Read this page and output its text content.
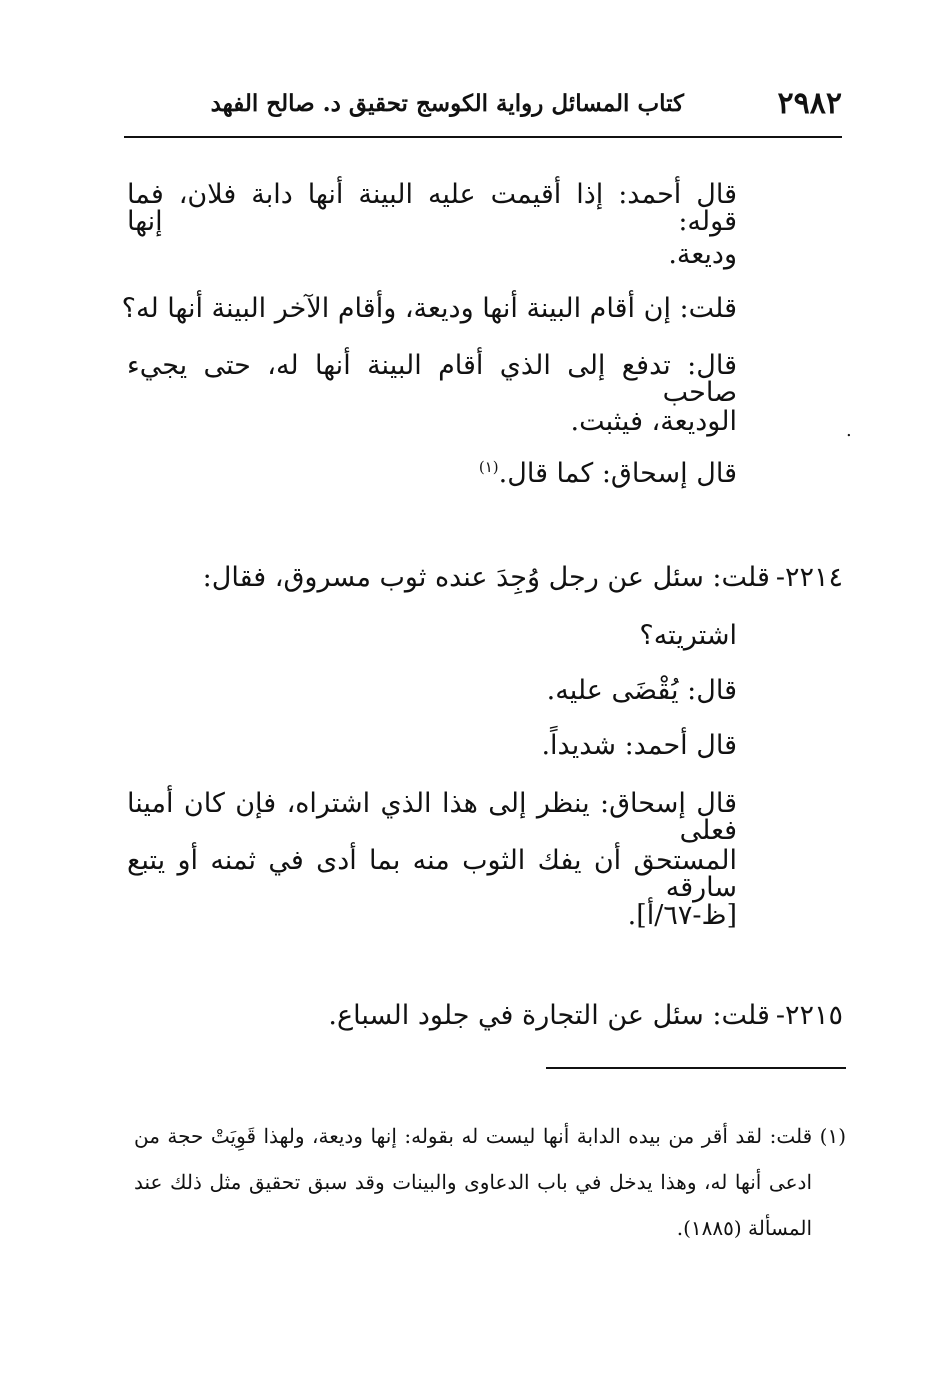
٢٩٨٢
كتاب المسائل رواية الكوسج تحقيق د. صالح الفهد
قال أحمد: إذا أقيمت عليه البينة أنها دابة فلان، فما قوله: إنها
وديعة.
قلت: إن أقام البينة أنها وديعة، وأقام الآخر البينة أنها له؟
قال: تدفع إلى الذي أقام البينة أنها له، حتى يجيء صاحب
الوديعة، فيثبت.
قال إسحاق: كما قال.$^{(١)}$
.
٢٢١٤-قلت: سئل عن رجل وُجِدَ عنده ثوب مسروق، فقال:
اشتريته؟
قال: يُقْضَى عليه.
قال أحمد: شديداً.
قال إسحاق: ينظر إلى هذا الذي اشتراه، فإن كان أمينا فعلى
المستحق أن يفك الثوب منه بما أدى في ثمنه أو يتبع سارقه
[ظ-٦٧/أ].
٢٢١٥-قلت: سئل عن التجارة في جلود السباع.
(١) قلت: لقد أقر من بيده الدابة أنها ليست له بقوله: إنها وديعة، ولهذا قَوِيَتْ حجة من
ادعى أنها له، وهذا يدخل في باب الدعاوى والبينات وقد سبق تحقيق مثل ذلك عند
المسألة (١٨٨٥).
